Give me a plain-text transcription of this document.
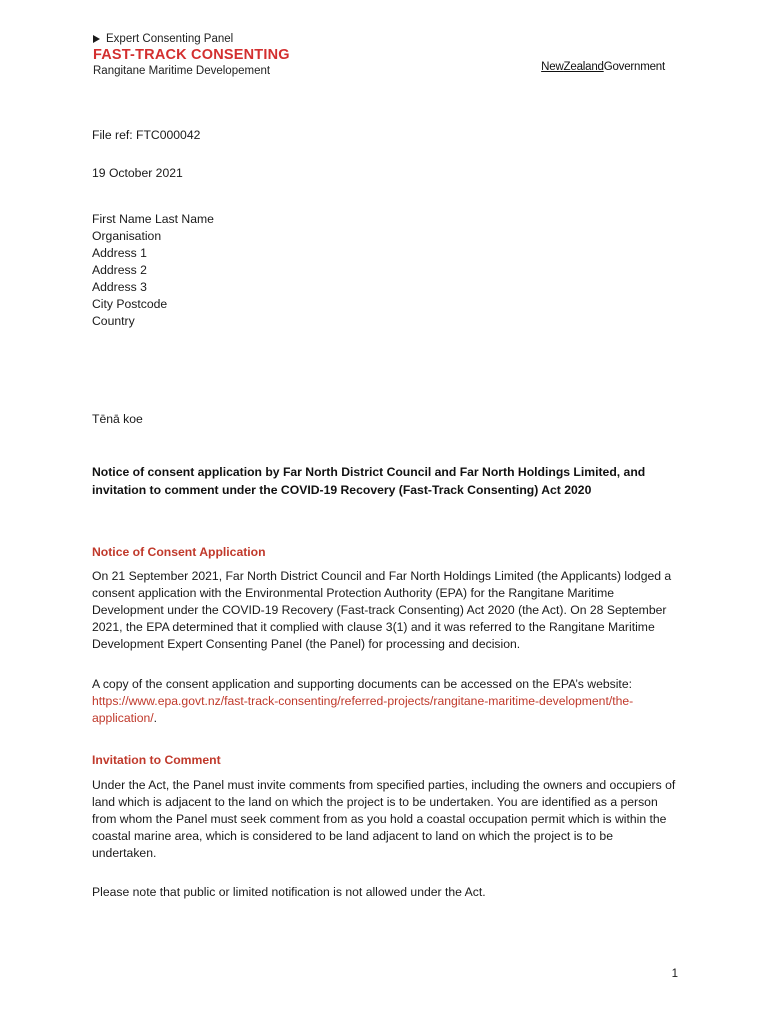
Expert Consenting Panel
FAST-TRACK CONSENTING
Rangitane Maritime Developement	NewZealandGovernment
File ref: FTC000042
19 October 2021
First Name Last Name
Organisation
Address 1
Address 2
Address 3
City Postcode
Country
Tēnā koe
Notice of consent application by Far North District Council and Far North Holdings Limited, and invitation to comment under the COVID-19 Recovery (Fast-Track Consenting) Act 2020
Notice of Consent Application
On 21 September 2021, Far North District Council and Far North Holdings Limited (the Applicants) lodged a consent application with the Environmental Protection Authority (EPA) for the Rangitane Maritime Development under the COVID-19 Recovery (Fast-track Consenting) Act 2020 (the Act). On 28 September 2021, the EPA determined that it complied with clause 3(1) and it was referred to the Rangitane Maritime Development Expert Consenting Panel (the Panel) for processing and decision.
A copy of the consent application and supporting documents can be accessed on the EPA’s website: https://www.epa.govt.nz/fast-track-consenting/referred-projects/rangitane-maritime-development/the-application/.
Invitation to Comment
Under the Act, the Panel must invite comments from specified parties, including the owners and occupiers of land which is adjacent to the land on which the project is to be undertaken. You are identified as a person from whom the Panel must seek comment from as you hold a coastal occupation permit which is within the coastal marine area, which is considered to be land adjacent to land on which the project is to be undertaken.
Please note that public or limited notification is not allowed under the Act.
1
